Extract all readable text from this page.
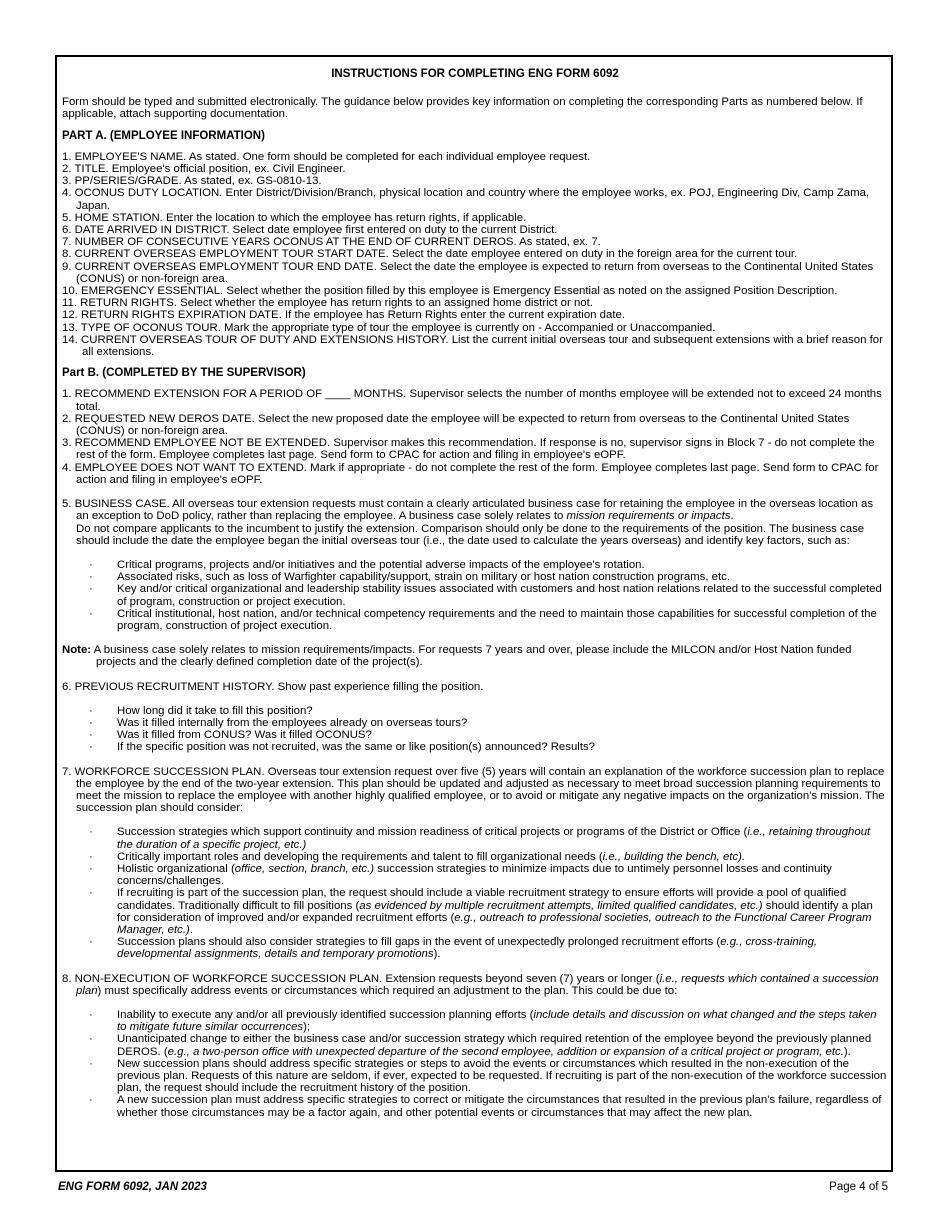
INSTRUCTIONS FOR COMPLETING ENG FORM 6092

Form should be typed and submitted electronically. The guidance below provides key information on completing the corresponding Parts as numbered below. If applicable, attach supporting documentation.

PART A. (EMPLOYEE INFORMATION)
1. EMPLOYEE'S NAME. As stated. One form should be completed for each individual employee request.
2. TITLE. Employee's official position, ex. Civil Engineer.
3. PP/SERIES/GRADE. As stated, ex. GS-0810-13.
4. OCONUS DUTY LOCATION. Enter District/Division/Branch, physical location and country where the employee works, ex. POJ, Engineering Div, Camp Zama, Japan.
5. HOME STATION. Enter the location to which the employee has return rights, if applicable.
6. DATE ARRIVED IN DISTRICT. Select date employee first entered on duty to the current District.
7. NUMBER OF CONSECUTIVE YEARS OCONUS AT THE END OF CURRENT DEROS. As stated, ex. 7.
8. CURRENT OVERSEAS EMPLOYMENT TOUR START DATE. Select the date employee entered on duty in the foreign area for the current tour.
9. CURRENT OVERSEAS EMPLOYMENT TOUR END DATE. Select the date the employee is expected to return from overseas to the Continental United States (CONUS) or non-foreign area.
10. EMERGENCY ESSENTIAL. Select whether the position filled by this employee is Emergency Essential as noted on the assigned Position Description.
11. RETURN RIGHTS. Select whether the employee has return rights to an assigned home district or not.
12. RETURN RIGHTS EXPIRATION DATE. If the employee has Return Rights enter the current expiration date.
13. TYPE OF OCONUS TOUR. Mark the appropriate type of tour the employee is currently on - Accompanied or Unaccompanied.
14. CURRENT OVERSEAS TOUR OF DUTY AND EXTENSIONS HISTORY. List the current initial overseas tour and subsequent extensions with a brief reason for all extensions.
Part B. (COMPLETED BY THE SUPERVISOR)
1. RECOMMEND EXTENSION FOR A PERIOD OF ____ MONTHS. Supervisor selects the number of months employee will be extended not to exceed 24 months total.
2. REQUESTED NEW DEROS DATE. Select the new proposed date the employee will be expected to return from overseas to the Continental United States (CONUS) or non-foreign area.
3. RECOMMEND EMPLOYEE NOT BE EXTENDED. Supervisor makes this recommendation. If response is no, supervisor signs in Block 7 - do not complete the rest of the form. Employee completes last page. Send form to CPAC for action and filing in employee's eOPF.
4. EMPLOYEE DOES NOT WANT TO EXTEND. Mark if appropriate - do not complete the rest of the form. Employee completes last page. Send form to CPAC for action and filing in employee's eOPF.

5. BUSINESS CASE. All overseas tour extension requests must contain a clearly articulated business case for retaining the employee in the overseas location as an exception to DoD policy, rather than replacing the employee. A business case solely relates to mission requirements or impacts.

Do not compare applicants to the incumbent to justify the extension. Comparison should only be done to the requirements of the position. The business case should include the date the employee began the initial overseas tour (i.e., the date used to calculate the years overseas) and identify key factors, such as:

· Critical programs, projects and/or initiatives and the potential adverse impacts of the employee's rotation.
· Associated risks, such as loss of Warfighter capability/support, strain on military or host nation construction programs, etc.
· Key and/or critical organizational and leadership stability issues associated with customers and host nation relations related to the successful completed of program, construction or project execution.
· Critical institutional, host nation, and/or technical competency requirements and the need to maintain those capabilities for successful completion of the program, construction of project execution.

Note: A business case solely relates to mission requirements/impacts. For requests 7 years and over, please include the MILCON and/or Host Nation funded projects and the clearly defined completion date of the project(s).

6. PREVIOUS RECRUITMENT HISTORY. Show past experience filling the position.

· How long did it take to fill this position?
· Was it filled internally from the employees already on overseas tours?
· Was it filled from CONUS? Was it filled OCONUS?
· If the specific position was not recruited, was the same or like position(s) announced? Results?

7. WORKFORCE SUCCESSION PLAN. Overseas tour extension request over five (5) years will contain an explanation of the workforce succession plan to replace the employee by the end of the two-year extension. This plan should be updated and adjusted as necessary to meet broad succession planning requirements to meet the mission to replace the employee with another highly qualified employee, or to avoid or mitigate any negative impacts on the organization's mission. The succession plan should consider:

· Succession strategies which support continuity and mission readiness of critical projects or programs of the District or Office (i.e., retaining throughout the duration of a specific project, etc.)
· Critically important roles and developing the requirements and talent to fill organizational needs (i.e., building the bench, etc).
· Holistic organizational (office, section, branch, etc.) succession strategies to minimize impacts due to untimely personnel losses and continuity concerns/challenges.
· If recruiting is part of the succession plan, the request should include a viable recruitment strategy to ensure efforts will provide a pool of qualified candidates. Traditionally difficult to fill positions (as evidenced by multiple recruitment attempts, limited qualified candidates, etc.) should identify a plan for consideration of improved and/or expanded recruitment efforts (e.g., outreach to professional societies, outreach to the Functional Career Program Manager, etc.).
· Succession plans should also consider strategies to fill gaps in the event of unexpectedly prolonged recruitment efforts (e.g., cross-training, developmental assignments, details and temporary promotions).

8. NON-EXECUTION OF WORKFORCE SUCCESSION PLAN. Extension requests beyond seven (7) years or longer (i.e., requests which contained a succession plan) must specifically address events or circumstances which required an adjustment to the plan. This could be due to:

· Inability to execute any and/or all previously identified succession planning efforts (include details and discussion on what changed and the steps taken to mitigate future similar occurrences);
· Unanticipated change to either the business case and/or succession strategy which required retention of the employee beyond the previously planned DEROS. (e.g., a two-person office with unexpected departure of the second employee, addition or expansion of a critical project or program, etc.).
· New succession plans should address specific strategies or steps to avoid the events or circumstances which resulted in the non-execution of the previous plan. Requests of this nature are seldom, if ever, expected to be requested. If recruiting is part of the non-execution of the workforce succession plan, the request should include the recruitment history of the position.
· A new succession plan must address specific strategies to correct or mitigate the circumstances that resulted in the previous plan's failure, regardless of whether those circumstances may be a factor again, and other potential events or circumstances that may affect the new plan.
ENG FORM 6092, JAN 2023	Page 4 of 5
